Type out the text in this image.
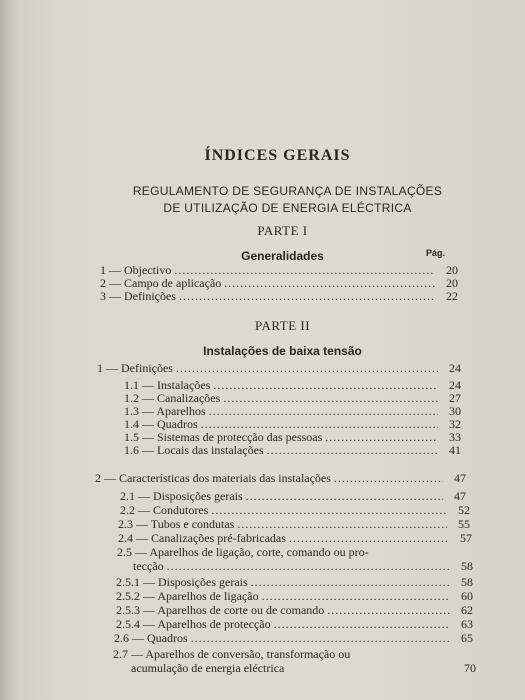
ÍNDICES GERAIS
REGULAMENTO DE SEGURANÇA DE INSTALAÇÕES
DE UTILIZAÇÃO DE ENERGIA ELÉCTRICA
PARTE I
Generalidades	Pág.
1 — Objectivo .....	20
2 — Campo de aplicação .....	20
3 — Definições .....	22
PARTE II
Instalações de baixa tensão
1 — Definições .....	24
1.1 — Instalações .....	24
1.2 — Canalizações .....	27
1.3 — Aparelhos .....	30
1.4 — Quadros .....	32
1.5 — Sistemas de protecção das pessoas .....	33
1.6 — Locais das instalações .....	41
2 — Características dos materiais das instalações .....	47
2.1 — Disposições gerais .....	47
2.2 — Condutores .....	52
2.3 — Tubos e condutas .....	55
2.4 — Canalizações pré-fabricadas .....	57
2.5 — Aparelhos de ligação, corte, comando ou pro-
tecção .....	58
2.5.1 — Disposições gerais .....	58
2.5.2 — Aparelhos de ligação .....	60
2.5.3 — Aparelhos de corte ou de comando .....	62
2.5.4 — Aparelhos de protecção .....	63
2.6 — Quadros .....	65
2.7 — Aparelhos de conversão, transformação ou
acumulação de energia eléctrica	70
